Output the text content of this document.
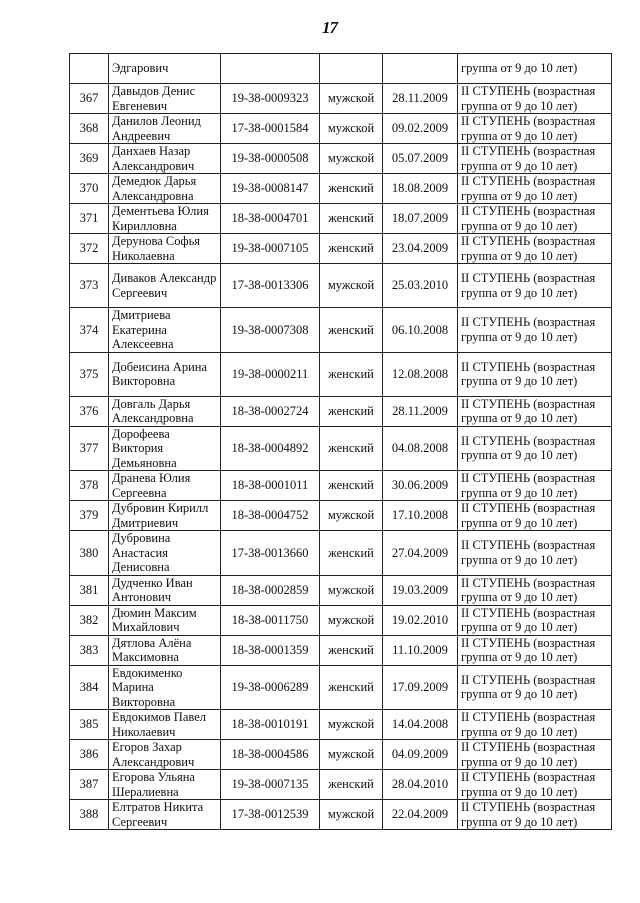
17
	Эдгарович				группа от 9 до 10 лет)
367	Давыдов Денис Евгеневич	19-38-0009323	мужской	28.11.2009	II СТУПЕНЬ (возрастная
группа от 9 до 10 лет)
368	Данилов Леонид Андреевич	17-38-0001584	мужской	09.02.2009	II СТУПЕНЬ (возрастная
группа от 9 до 10 лет)
369	Данхаев Назар Александрович	19-38-0000508	мужской	05.07.2009	II СТУПЕНЬ (возрастная
группа от 9 до 10 лет)
370	Демедюк Дарья Александровна	19-38-0008147	женский	18.08.2009	II СТУПЕНЬ (возрастная
группа от 9 до 10 лет)
371	Дементьева Юлия Кирилловна	18-38-0004701	женский	18.07.2009	II СТУПЕНЬ (возрастная
группа от 9 до 10 лет)
372	Дерунова Софья Николаевна	19-38-0007105	женский	23.04.2009	II СТУПЕНЬ (возрастная
группа от 9 до 10 лет)
373	Диваков Александр Сергеевич	17-38-0013306	мужской	25.03.2010	II СТУПЕНЬ (возрастная
группа от 9 до 10 лет)
374	Дмитриева Екатерина Алексеевна	19-38-0007308	женский	06.10.2008	II СТУПЕНЬ (возрастная
группа от 9 до 10 лет)
375	Добеисина Арина Викторовна	19-38-0000211	женский	12.08.2008	II СТУПЕНЬ (возрастная
группа от 9 до 10 лет)
376	Довгаль Дарья Александровна	18-38-0002724	женский	28.11.2009	II СТУПЕНЬ (возрастная
группа от 9 до 10 лет)
377	Дорофеева Виктория Демьяновна	18-38-0004892	женский	04.08.2008	II СТУПЕНЬ (возрастная
группа от 9 до 10 лет)
378	Дранева Юлия Сергеевна	18-38-0001011	женский	30.06.2009	II СТУПЕНЬ (возрастная
группа от 9 до 10 лет)
379	Дубровин Кирилл Дмитриевич	18-38-0004752	мужской	17.10.2008	II СТУПЕНЬ (возрастная
группа от 9 до 10 лет)
380	Дубровина Анастасия Денисовна	17-38-0013660	женский	27.04.2009	II СТУПЕНЬ (возрастная
группа от 9 до 10 лет)
381	Дудченко Иван Антонович	18-38-0002859	мужской	19.03.2009	II СТУПЕНЬ (возрастная
группа от 9 до 10 лет)
382	Дюмин Максим Михайлович	18-38-0011750	мужской	19.02.2010	II СТУПЕНЬ (возрастная
группа от 9 до 10 лет)
383	Дятлова Алёна Максимовна	18-38-0001359	женский	11.10.2009	II СТУПЕНЬ (возрастная
группа от 9 до 10 лет)
384	Евдокименко Марина Викторовна	19-38-0006289	женский	17.09.2009	II СТУПЕНЬ (возрастная
группа от 9 до 10 лет)
385	Евдокимов Павел Николаевич	18-38-0010191	мужской	14.04.2008	II СТУПЕНЬ (возрастная
группа от 9 до 10 лет)
386	Егоров Захар Александрович	18-38-0004586	мужской	04.09.2009	II СТУПЕНЬ (возрастная
группа от 9 до 10 лет)
387	Егорова Ульяна Шералиевна	19-38-0007135	женский	28.04.2010	II СТУПЕНЬ (возрастная
группа от 9 до 10 лет)
388	Елтратов Никита Сергеевич	17-38-0012539	мужской	22.04.2009	II СТУПЕНЬ (возрастная
группа от 9 до 10 лет)
